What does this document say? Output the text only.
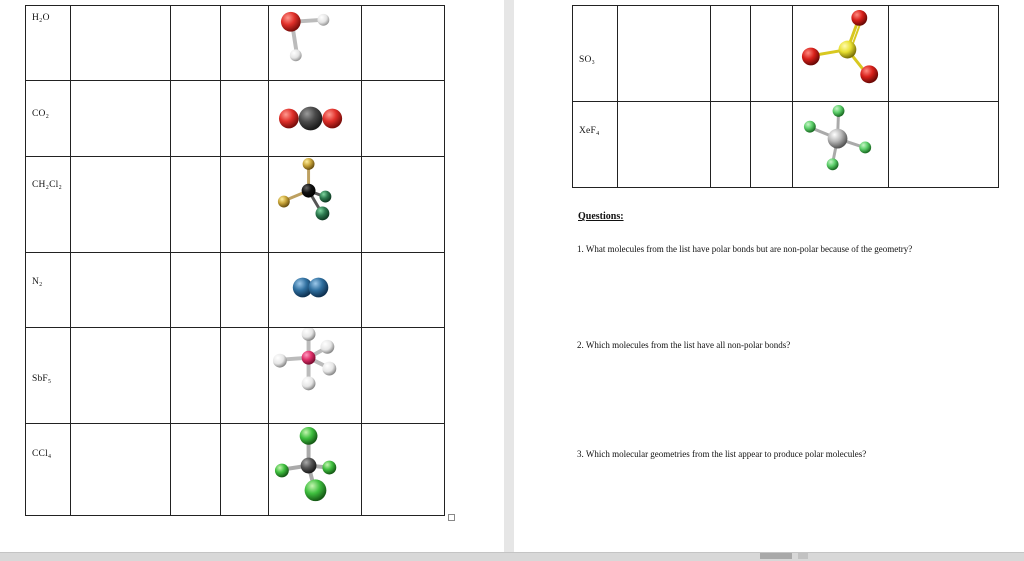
H₂O

CO₂

CH₂Cl₂

N₂

SbF₅

CCl₄

SO₃

XeF₄

Questions:
1. What molecules from the list have polar bonds but are non-polar because of the geometry?
2. Which molecules from the list have all non-polar bonds?
3. Which molecular geometries from the list appear to produce polar molecules?
